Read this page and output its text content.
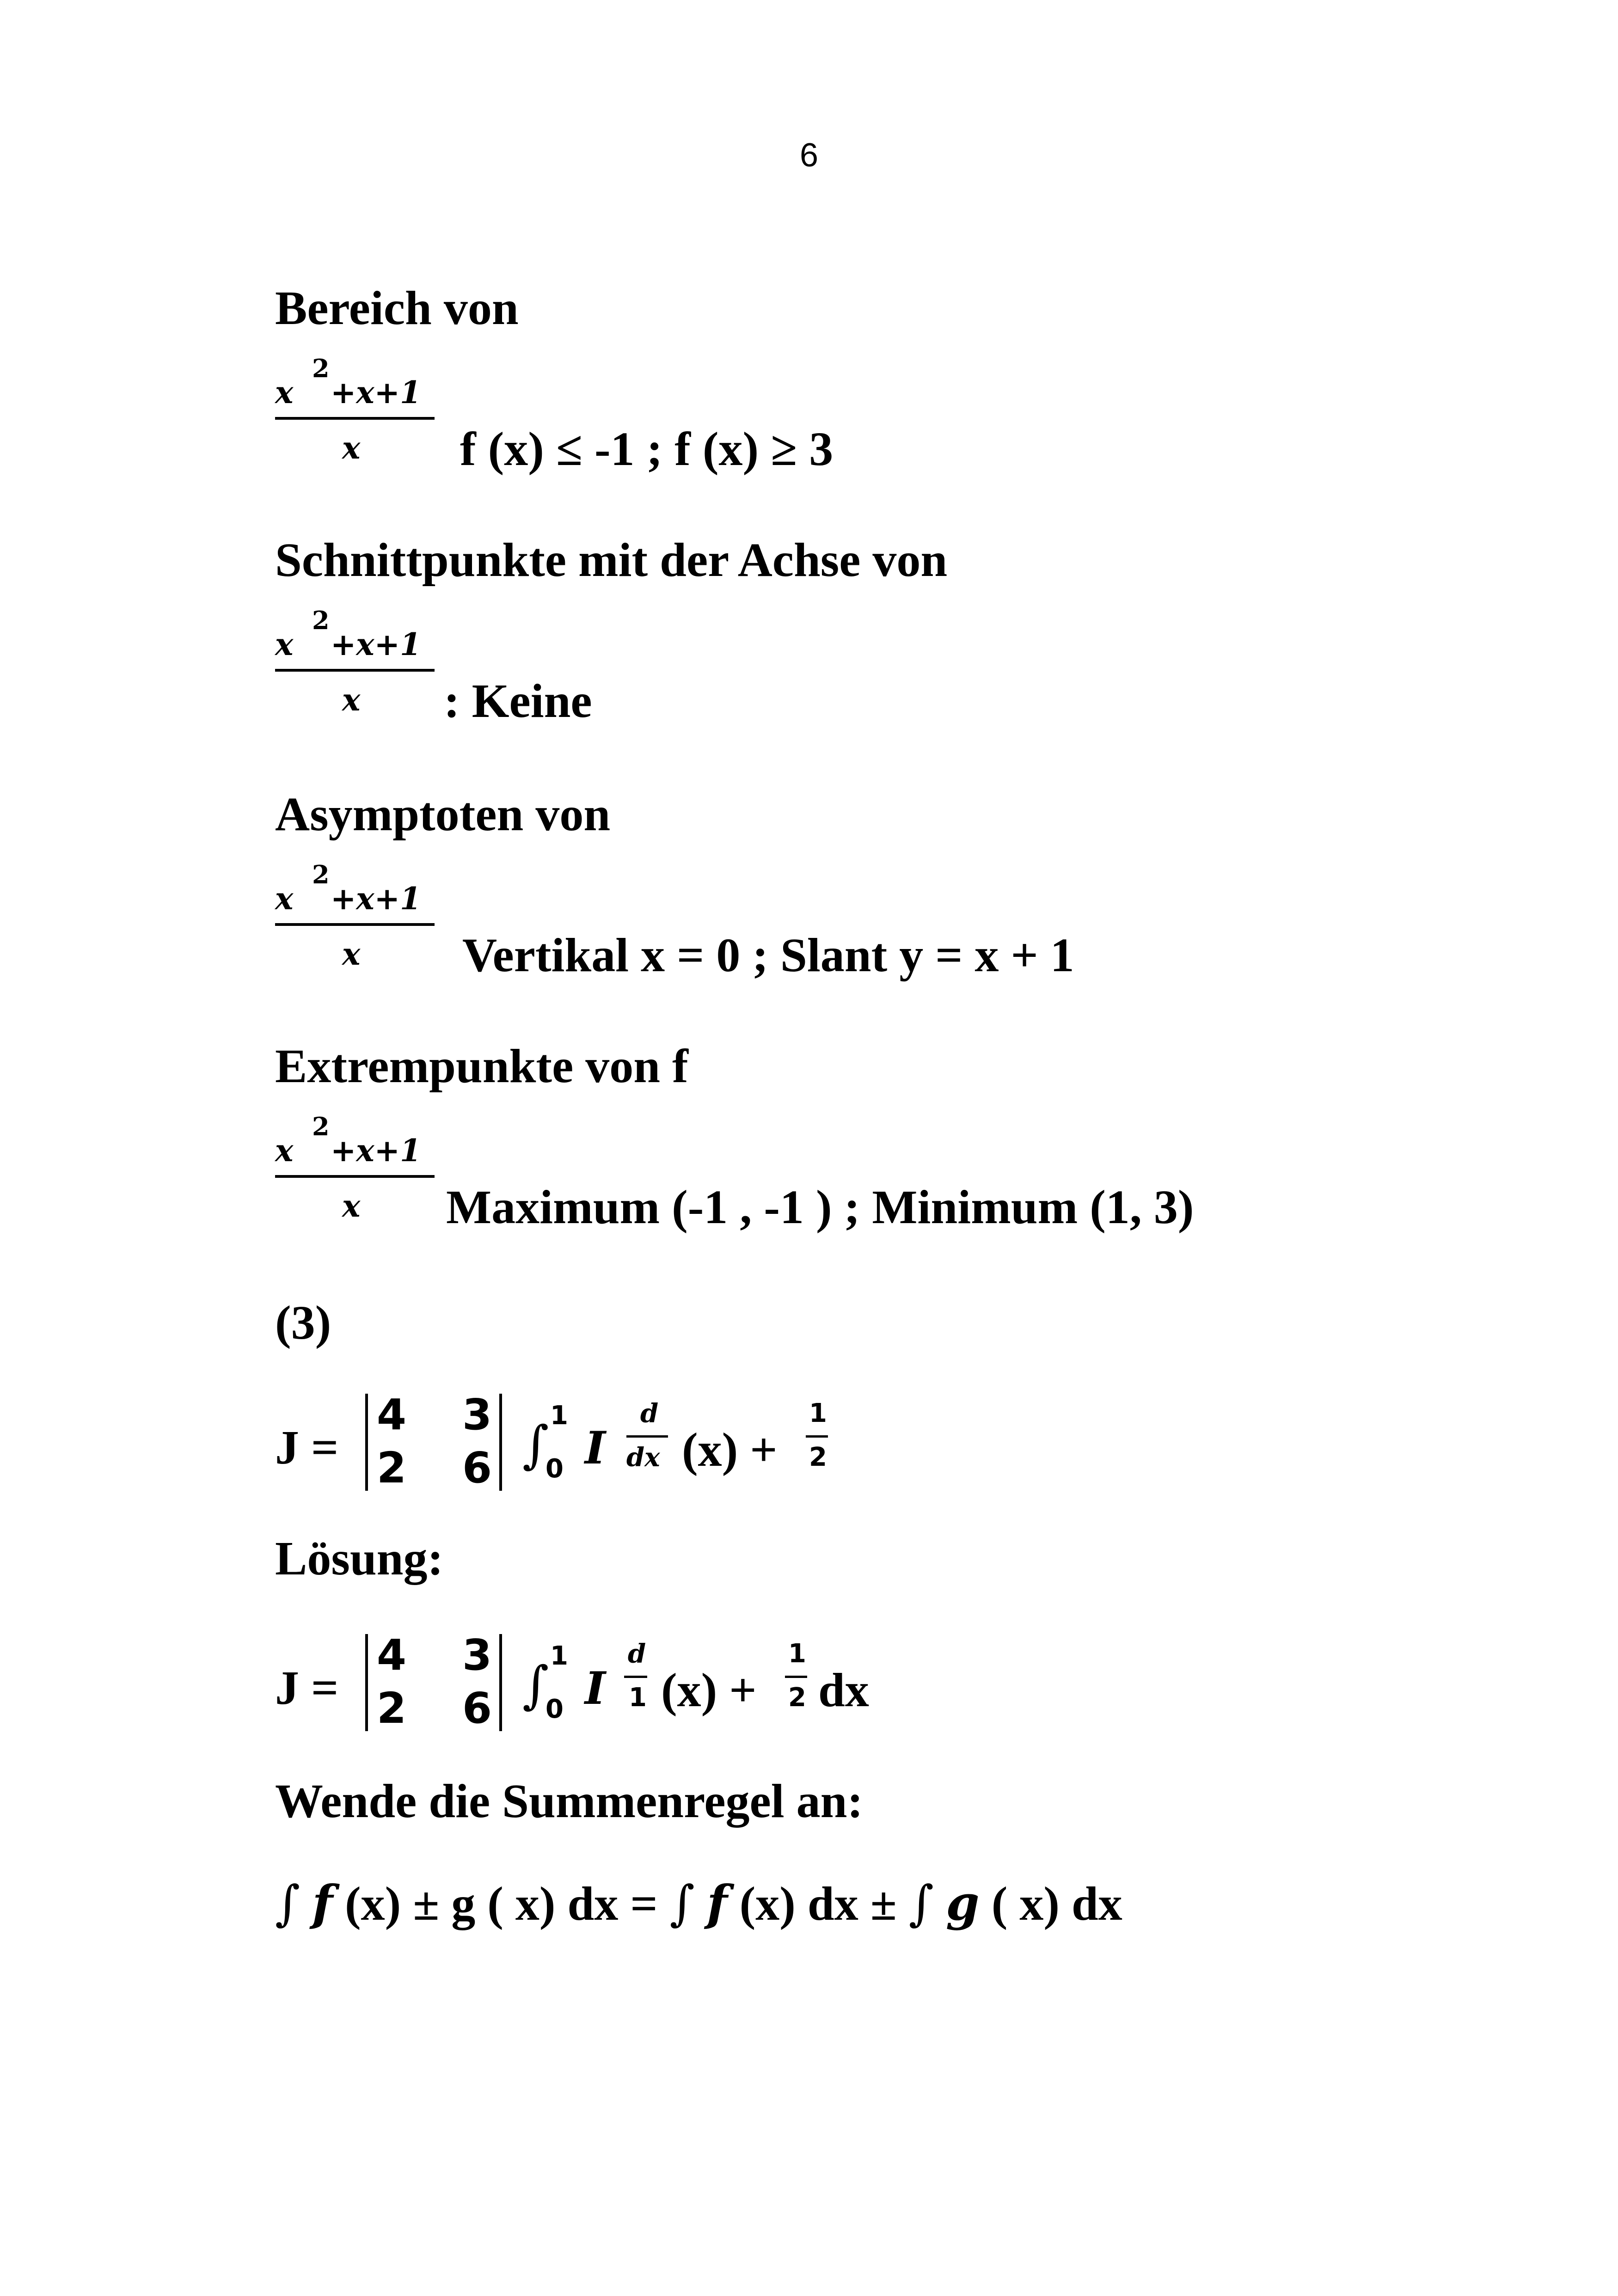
6
Bereich von
x
2
+x+1
x f (x) ≤ -1 ; f (x) ≥ 3
Schnittpunkte mit der Achse von
x
2
+x+1
x : Keine
Asymptoten von
x
2
+x+1
x Vertikal x = 0 ; Slant y = x + 1
Extrempunkte von f
x
2
+x+1
x Maximum (-1 , -1 ) ; Minimum (1, 3)
(3)
J =
4 3
2 6 ∫ 1
0 I
d
dx (x) +
1
2
Lösung:
J =
4 3
2 6 ∫ 1
0 I
d
1 (x) +
1
2 dx
Wende die Summenregel an:
∫ f (x) ± g ( x) dx = ∫ f (x) dx ± ∫ g ( x) dx
